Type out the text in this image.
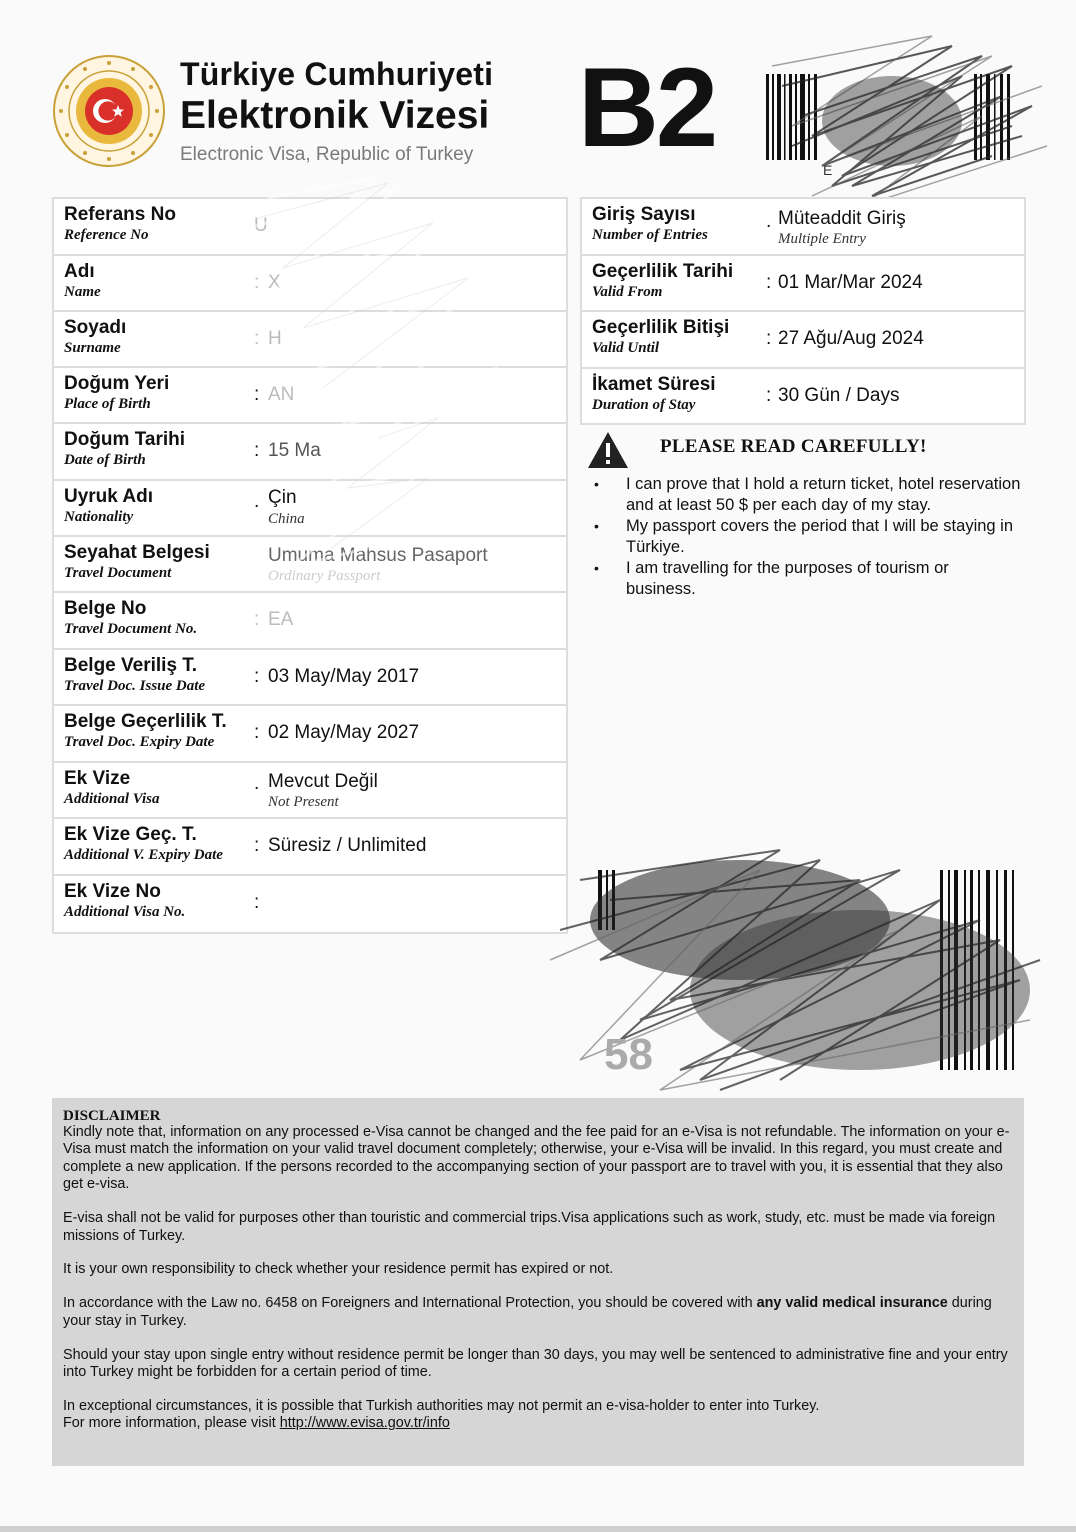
Türkiye Cumhuriyeti
Elektronik Vizesi
Electronic Visa, Republic of Turkey B2	E
Referans No
Reference No	U
Adı
Name	: X
Soyadı
Surname	: H
Doğum Yeri
Place of Birth	: AN
Doğum Tarihi
Date of Birth	: 15 Ma
Uyruk Adı
Nationality
. Çin
China
Seyahat Belgesi
Travel Document
Umuma Mahsus Pasaport
Ordinary Passport
Belge No
Travel Document No.	: EA
Belge Veriliş T.
Travel Doc. Issue Date	: 03 May/May 2017
Belge Geçerlilik T.
Travel Doc. Expiry Date : 02 May/May 2027
Ek Vize
Additional Visa
. Mevcut Değil
Not Present
Ek Vize Geç. T.
Additional V. Expiry Date : Süresiz / Unlimited
Ek Vize No
Additional Visa No.	:
Giriş Sayısı
Number of Entries
. Müteaddit Giriş
Multiple Entry
Geçerlilik Tarihi
Valid From	: 01 Mar/Mar 2024
Geçerlilik Bitişi
Valid Until	: 27 Ağu/Aug 2024
İkamet Süresi
Duration of Stay	: 30 Gün / Days
PLEASE READ CAREFULLY!
• I can prove that I hold a return ticket, hotel reservation and at least 50 $ per each day of my stay.
• My passport covers the period that I will be staying in Türkiye.
• I am travelling for the purposes of tourism or business.
58
DISCLAIMER

Kindly note that, information on any processed e-Visa cannot be changed and the fee paid for an e-Visa is not refundable. The information on your e-Visa must match the information on your valid travel document completely; otherwise, your e-Visa will be invalid. In this regard, you must create and complete a new application. If the persons recorded to the accompanying section of your passport are to travel with you, it is essential that they also get e-visa.

E-visa shall not be valid for purposes other than touristic and commercial trips.Visa applications such as work, study, etc. must be made via foreign missions of Turkey.

It is your own responsibility to check whether your residence permit has expired or not.

In accordance with the Law no. 6458 on Foreigners and International Protection, you should be covered with any valid medical insurance during your stay in Turkey.

Should your stay upon single entry without residence permit be longer than 30 days, you may well be sentenced to administrative fine and your entry into Turkey might be forbidden for a certain period of time.

In exceptional circumstances, it is possible that Turkish authorities may not permit an e-visa-holder to enter into Turkey.

For more information, please visit http://www.evisa.gov.tr/info
